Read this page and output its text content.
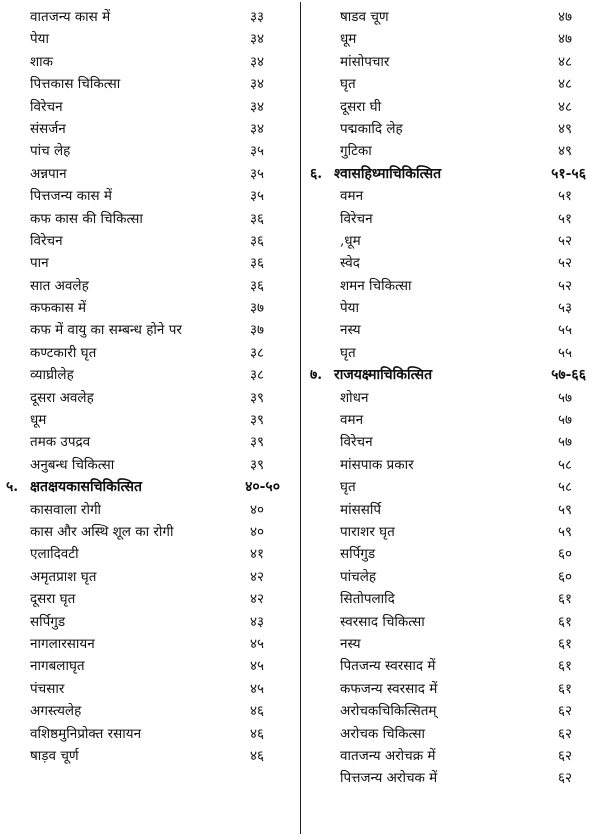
वातजन्य कास में	३३
पेया	३४
शाक	३४
पित्तकास चिकित्सा	३४
विरेचन	३४
संसर्जन	३४
पांच लेह	३५
अन्नपान	३५
पित्तजन्य कास में	३५
कफ कास की चिकित्सा	३६
विरेचन	३६
पान	३६
सात अवलेह	३६
कफकास में	३७
कफ में वायु का सम्बन्ध होने पर	३७
कण्टकारी घृत	३८
व्याघ्रीलेह	३८
दूसरा अवलेह	३९
धूम	३९
तमक उपद्रव	३९
अनुबन्ध चिकित्सा	३९
५. क्षतक्षयकासचिकित्सित	४०-५०
कासवाला रोगी	४०
कास और अस्थि शूल का रोगी	४०
एलादिवटी	४१
अमृतप्राश घृत	४२
दूसरा घृत	४२
सर्पिगुड	४३
नागलारसायन	४५
नागबलाघृत	४५
पंचसार	४५
अगस्त्यलेह	४६
वशिष्ठमुनिप्रोक्त रसायन	४६
षाड़व चूर्ण	४६
षाडव चूण	४७
धूम	४७
मांसोपचार	४८
घृत	४८
दूसरा घी	४८
पद्मकादि लेह	४९
गुटिका	४९
६. श्वासहिध्माचिकित्सित	५१-५६
वमन	५१
विरेचन	५१
,धूम	५२
स्वेद	५२
शमन चिकित्सा	५२
पेया	५३
नस्य	५५
घृत	५५
७. राजयक्ष्माचिकित्सित	५७-६६
शोधन	५७
वमन	५७
विरेचन	५७
मांसपाक प्रकार	५८
घृत	५८
मांससर्पि	५९
पाराशर घृत	५९
सर्पिगुड	६०
पांचलेह	६०
सितोपलादि	६१
स्वरसाद चिकित्सा	६१
नस्य	६१
पितजन्य स्वरसाद में	६१
कफजन्य स्वरसाद में	६१
अरोचकचिकित्सितम्	६२
अरोचक चिकित्सा	६२
वातजन्य अरोचक्र में	६२
पित्तजन्य अरोचक में	६२
